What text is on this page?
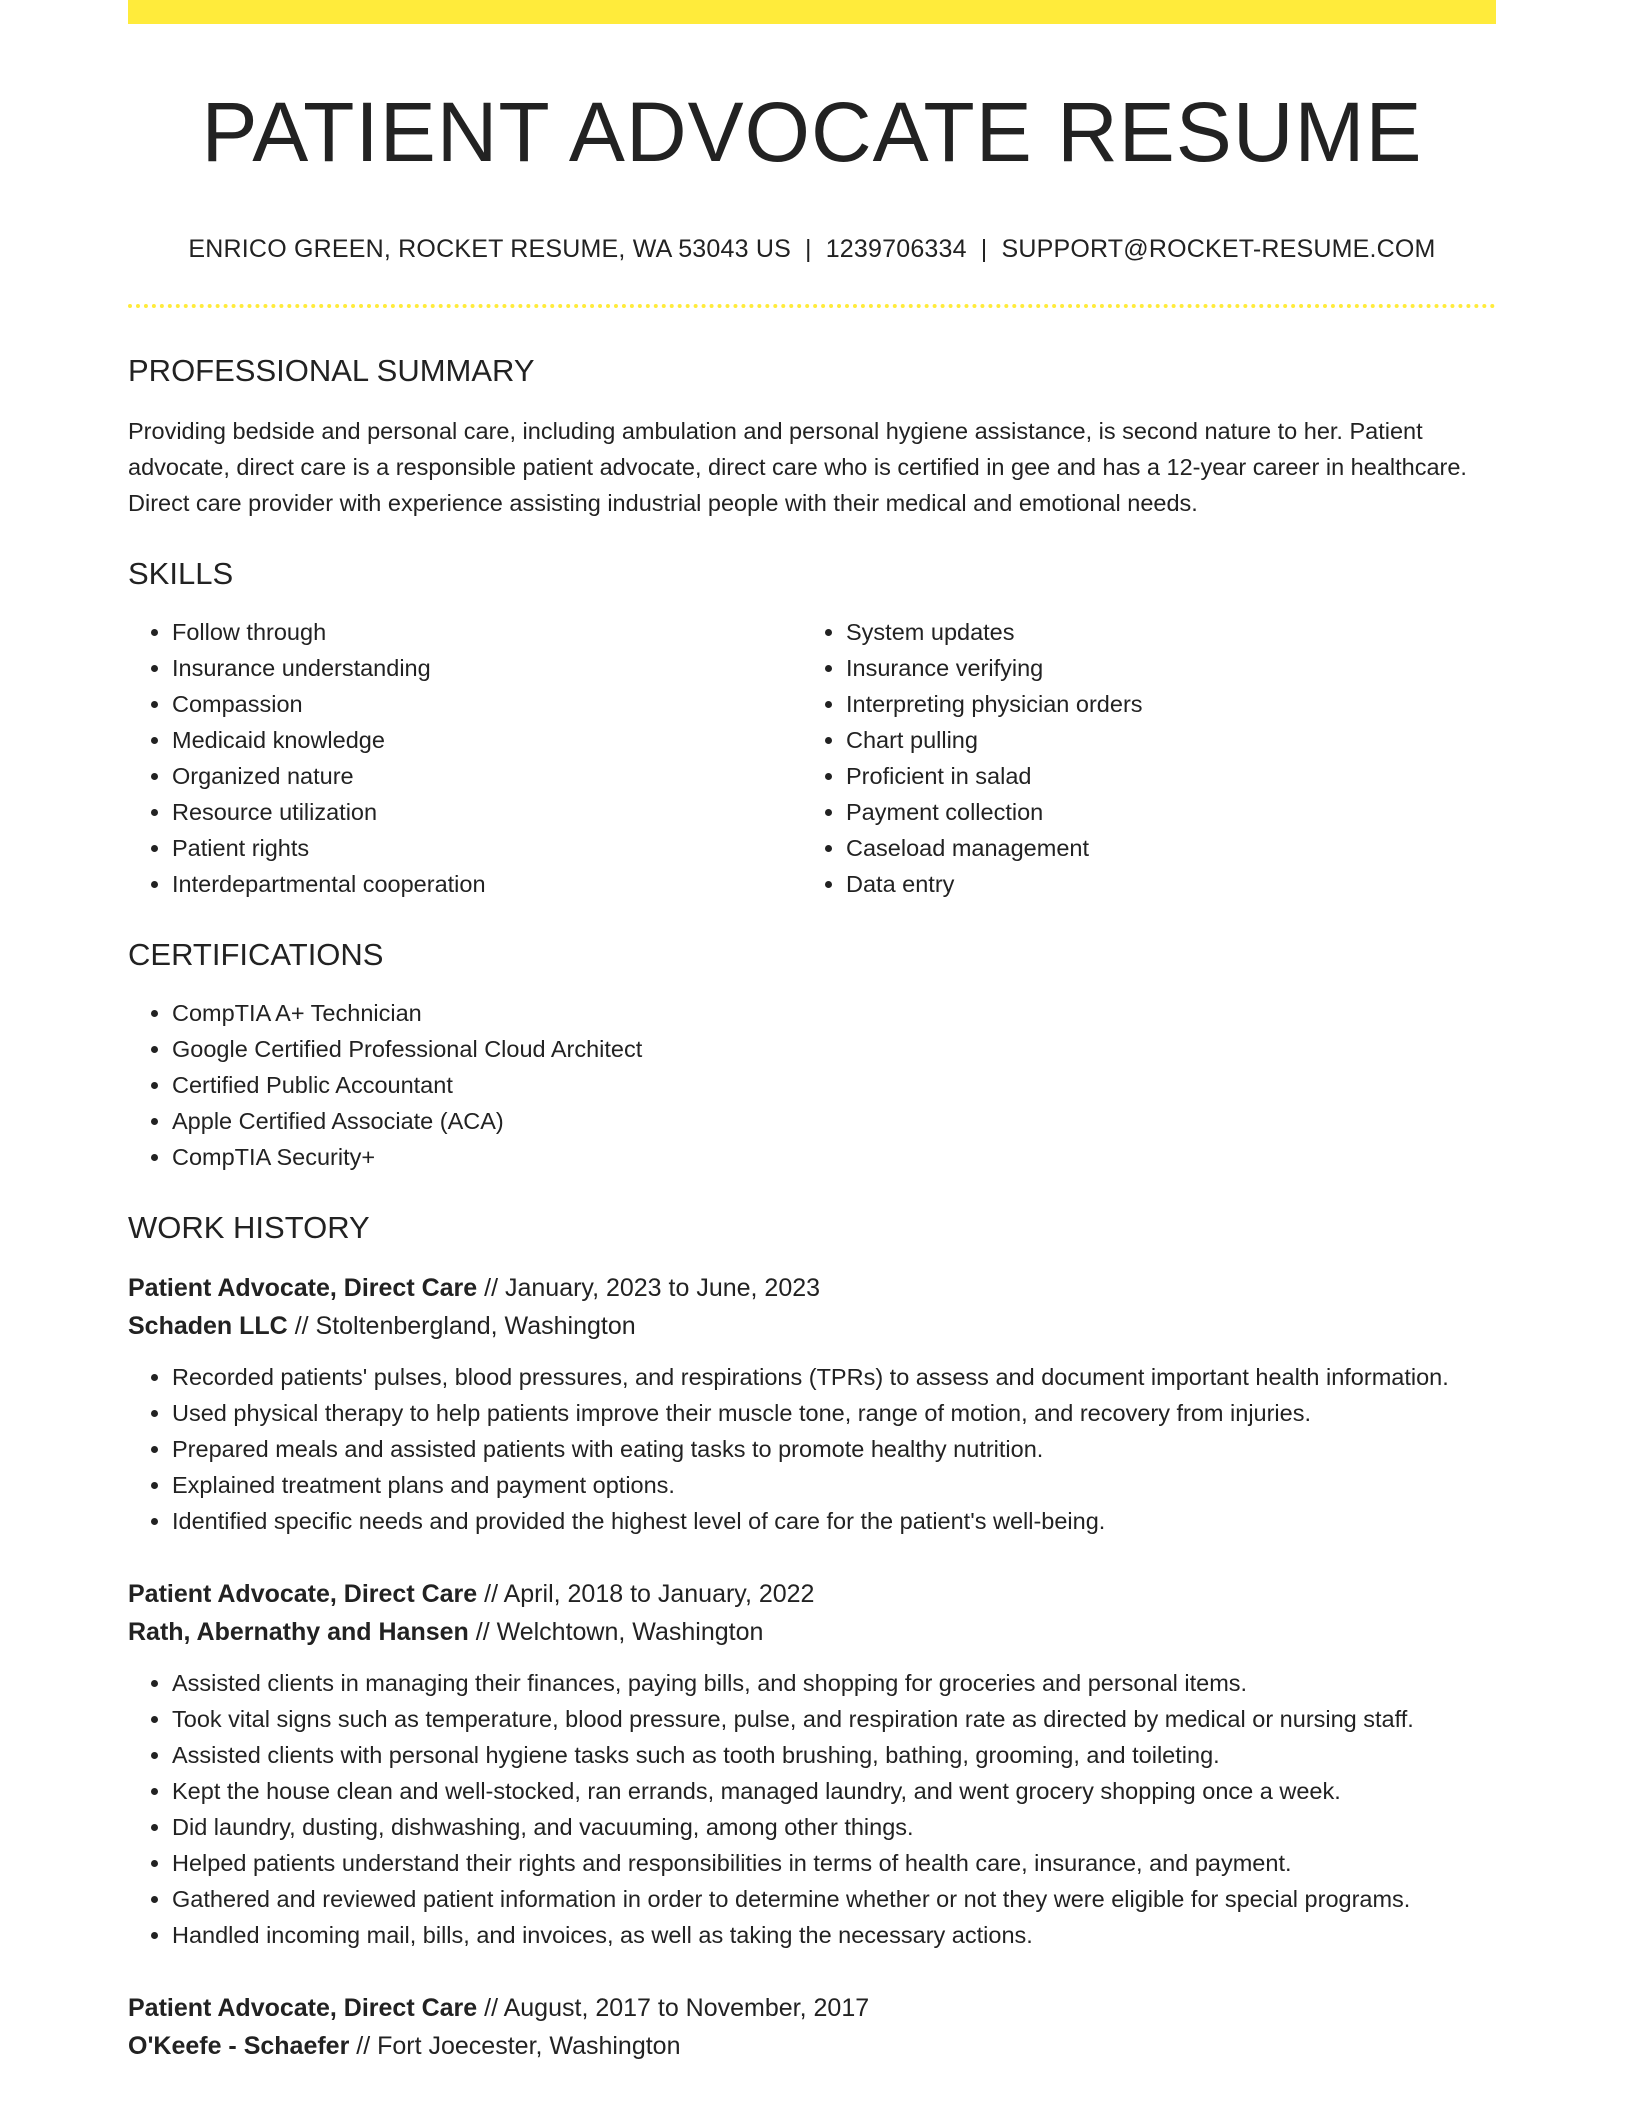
PATIENT ADVOCATE RESUME
ENRICO GREEN, ROCKET RESUME, WA 53043 US | 1239706334 | SUPPORT@ROCKET-RESUME.COM
PROFESSIONAL SUMMARY

Providing bedside and personal care, including ambulation and personal hygiene assistance, is second nature to her. Patient advocate, direct care is a responsible patient advocate, direct care who is certified in gee and has a 12-year career in healthcare. Direct care provider with experience assisting industrial people with their medical and emotional needs.

SKILLS
• Follow through
• Insurance understanding
• Compassion
• Medicaid knowledge
• Organized nature
• Resource utilization
• Patient rights
• Interdepartmental cooperation
• System updates
• Insurance verifying
• Interpreting physician orders
• Chart pulling
• Proficient in salad
• Payment collection
• Caseload management
• Data entry
CERTIFICATIONS
• CompTIA A+ Technician
• Google Certified Professional Cloud Architect
• Certified Public Accountant
• Apple Certified Associate (ACA)
• CompTIA Security+
WORK HISTORY
Patient Advocate, Direct Care // January, 2023 to June, 2023
Schaden LLC // Stoltenbergland, Washington
• Recorded patients' pulses, blood pressures, and respirations (TPRs) to assess and document important health information.
• Used physical therapy to help patients improve their muscle tone, range of motion, and recovery from injuries.
• Prepared meals and assisted patients with eating tasks to promote healthy nutrition.
• Explained treatment plans and payment options.
• Identified specific needs and provided the highest level of care for the patient's well-being.
Patient Advocate, Direct Care // April, 2018 to January, 2022
Rath, Abernathy and Hansen // Welchtown, Washington
• Assisted clients in managing their finances, paying bills, and shopping for groceries and personal items.
• Took vital signs such as temperature, blood pressure, pulse, and respiration rate as directed by medical or nursing staff.
• Assisted clients with personal hygiene tasks such as tooth brushing, bathing, grooming, and toileting.
• Kept the house clean and well-stocked, ran errands, managed laundry, and went grocery shopping once a week.
• Did laundry, dusting, dishwashing, and vacuuming, among other things.
• Helped patients understand their rights and responsibilities in terms of health care, insurance, and payment.
• Gathered and reviewed patient information in order to determine whether or not they were eligible for special programs.
• Handled incoming mail, bills, and invoices, as well as taking the necessary actions.
Patient Advocate, Direct Care // August, 2017 to November, 2017
O'Keefe - Schaefer // Fort Joecester, Washington
